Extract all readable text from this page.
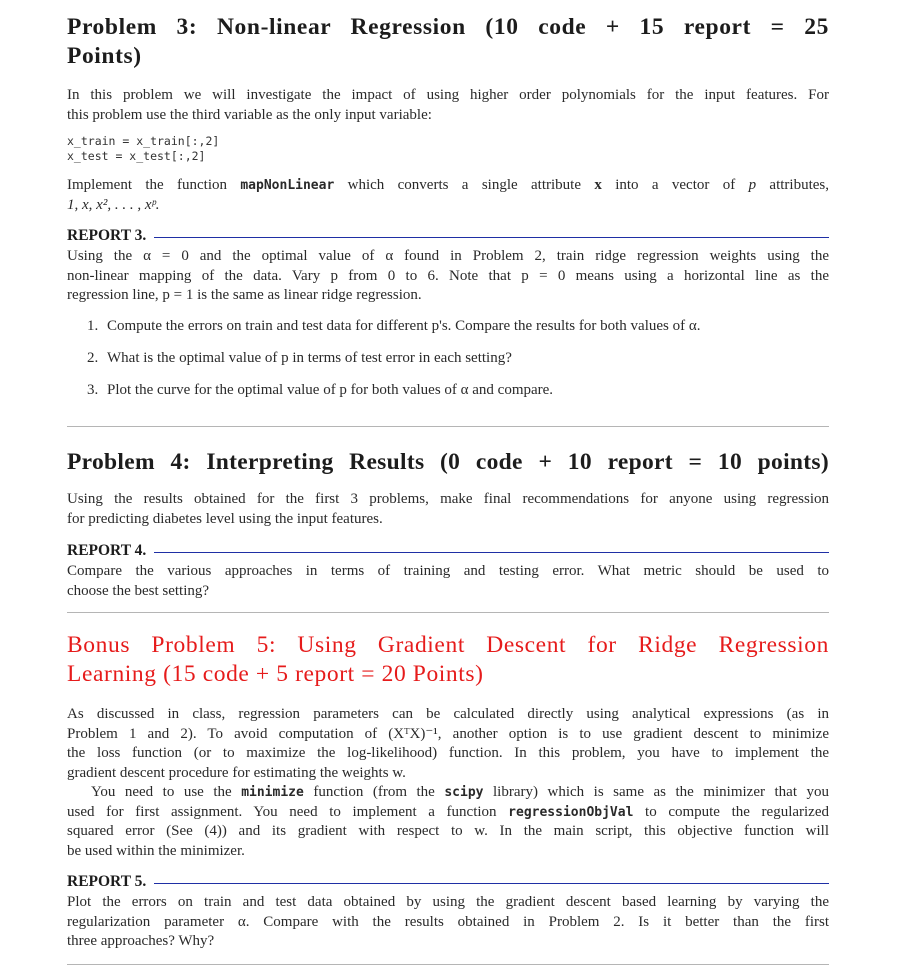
Problem 3: Non-linear Regression (10 code + 15 report = 25
Points)

In this problem we will investigate the impact of using higher order polynomials for the input features. For

this problem use the third variable as the only input variable:

x_train = x_train[:,2]
x_test = x_test[:,2]

Implement the function mapNonLinear which converts a single attribute x into a vector of p attributes,

1, x, x², . . . , xᵖ.

REPORT 3.

Using the α = 0 and the optimal value of α found in Problem 2, train ridge regression weights using the

non-linear mapping of the data. Vary p from 0 to 6. Note that p = 0 means using a horizontal line as the

regression line, p = 1 is the same as linear ridge regression.

1. Compute the errors on train and test data for different p's. Compare the results for both values of α.
2. What is the optimal value of p in terms of test error in each setting?
3. Plot the curve for the optimal value of p for both values of α and compare.
Problem 4: Interpreting Results (0 code + 10 report = 10 points)

Using the results obtained for the first 3 problems, make final recommendations for anyone using regression

for predicting diabetes level using the input features.

REPORT 4.

Compare the various approaches in terms of training and testing error. What metric should be used to

choose the best setting?

Bonus Problem 5: Using Gradient Descent for Ridge Regression
Learning (15 code + 5 report = 20 Points)

As discussed in class, regression parameters can be calculated directly using analytical expressions (as in

Problem 1 and 2). To avoid computation of (XᵀX)⁻¹, another option is to use gradient descent to minimize

the loss function (or to maximize the log-likelihood) function. In this problem, you have to implement the

gradient descent procedure for estimating the weights w.

You need to use the minimize function (from the scipy library) which is same as the minimizer that you

used for first assignment. You need to implement a function regressionObjVal to compute the regularized

squared error (See (4)) and its gradient with respect to w. In the main script, this objective function will

be used within the minimizer.

REPORT 5.

Plot the errors on train and test data obtained by using the gradient descent based learning by varying the

regularization parameter α. Compare with the results obtained in Problem 2. Is it better than the first

three approaches? Why?
